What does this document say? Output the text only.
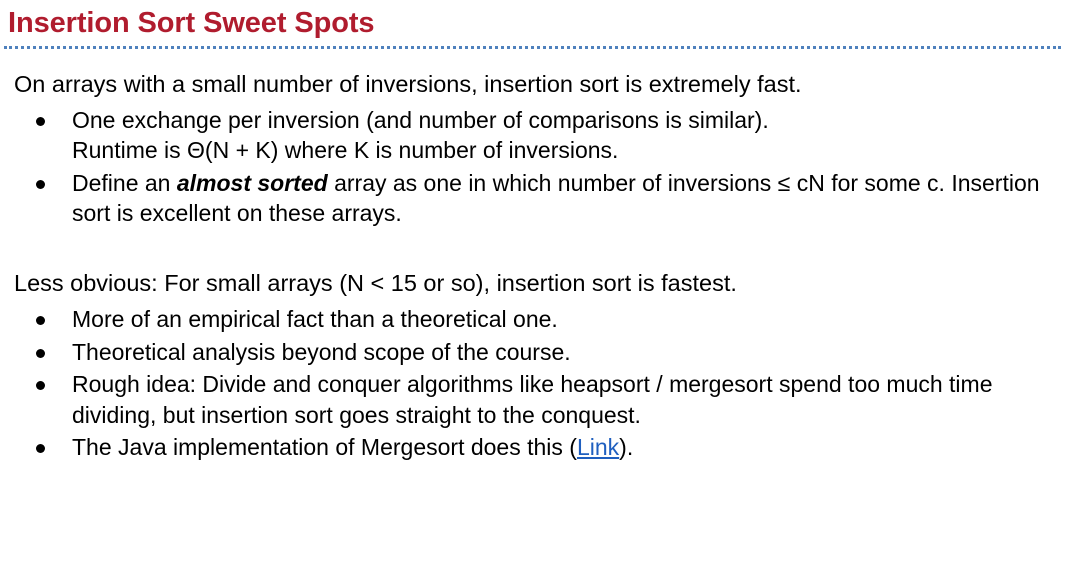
Insertion Sort Sweet Spots
On arrays with a small number of inversions, insertion sort is extremely fast.
One exchange per inversion (and number of comparisons is similar).
Runtime is Θ(N + K) where K is number of inversions.
Define an almost sorted array as one in which number of inversions ≤ cN for some c. Insertion sort is excellent on these arrays.
Less obvious: For small arrays (N < 15 or so), insertion sort is fastest.
More of an empirical fact than a theoretical one.
Theoretical analysis beyond scope of the course.
Rough idea: Divide and conquer algorithms like heapsort / mergesort spend too much time dividing, but insertion sort goes straight to the conquest.
The Java implementation of Mergesort does this (Link).
